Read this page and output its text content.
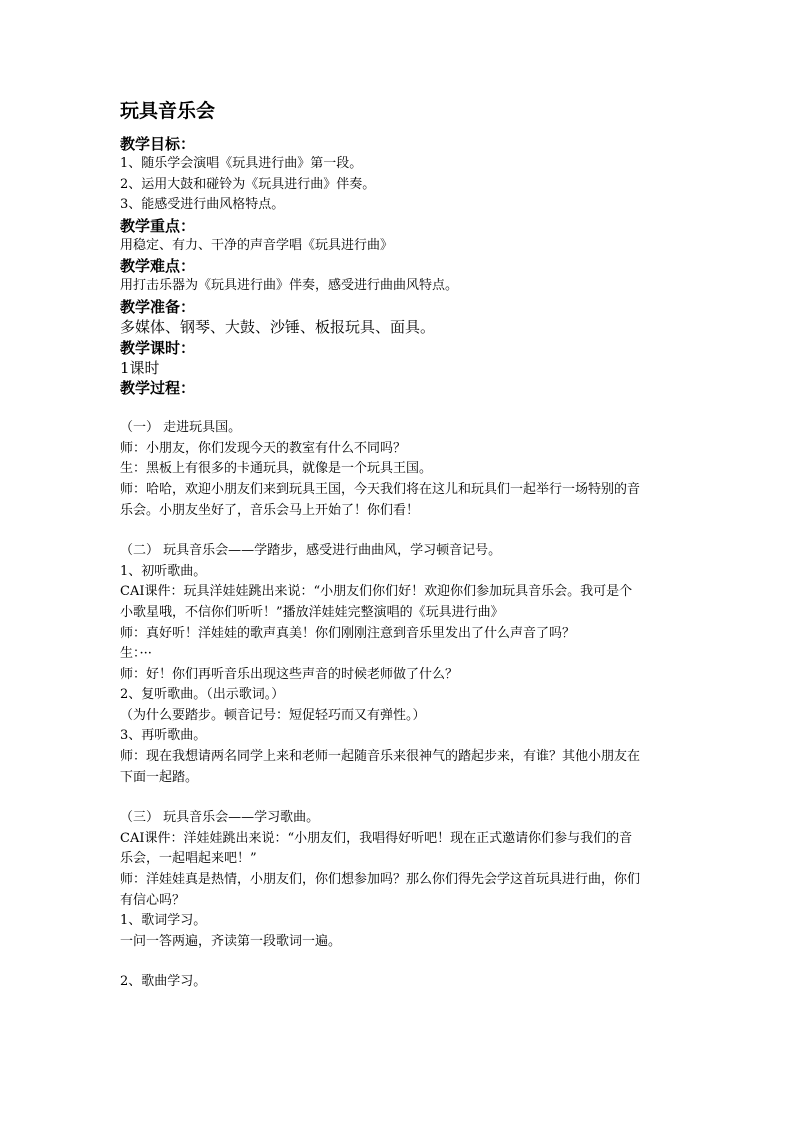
玩具音乐会
教学目标：
1、随乐学会演唱《玩具进行曲》第一段。
2、运用大鼓和碰铃为《玩具进行曲》伴奏。
3、能感受进行曲风格特点。
教学重点：
用稳定、有力、干净的声音学唱《玩具进行曲》
教学难点：
用打击乐器为《玩具进行曲》伴奏，感受进行曲曲风特点。
教学准备：
多媒体、钢琴、大鼓、沙锤、板报玩具、面具。
教学课时：
1课时
教学过程：
（一） 走进玩具国。
师：小朋友，你们发现今天的教室有什么不同吗？
生：黑板上有很多的卡通玩具，就像是一个玩具王国。
师：哈哈，欢迎小朋友们来到玩具王国，今天我们将在这儿和玩具们一起举行一场特别的音
乐会。小朋友坐好了，音乐会马上开始了！你们看！
（二） 玩具音乐会——学踏步，感受进行曲曲风，学习顿音记号。
1、初听歌曲。
CAI课件：玩具洋娃娃跳出来说：“小朋友们你们好！欢迎你们参加玩具音乐会。我可是个
小歌星哦，不信你们听听！”播放洋娃娃完整演唱的《玩具进行曲》
师：真好听！洋娃娃的歌声真美！你们刚刚注意到音乐里发出了什么声音了吗？
生：···
师：好！你们再听音乐出现这些声音的时候老师做了什么？
2、复听歌曲。（出示歌词。）
（为什么要踏步。顿音记号：短促轻巧而又有弹性。）
3、再听歌曲。
师：现在我想请两名同学上来和老师一起随音乐来很神气的踏起步来，有谁？其他小朋友在
下面一起踏。
（三） 玩具音乐会——学习歌曲。
CAI课件：洋娃娃跳出来说：“小朋友们，我唱得好听吧！现在正式邀请你们参与我们的音
乐会，一起唱起来吧！”
师：洋娃娃真是热情，小朋友们，你们想参加吗？那么你们得先会学这首玩具进行曲，你们
有信心吗？
1、歌词学习。
一问一答两遍，齐读第一段歌词一遍。
2、歌曲学习。
